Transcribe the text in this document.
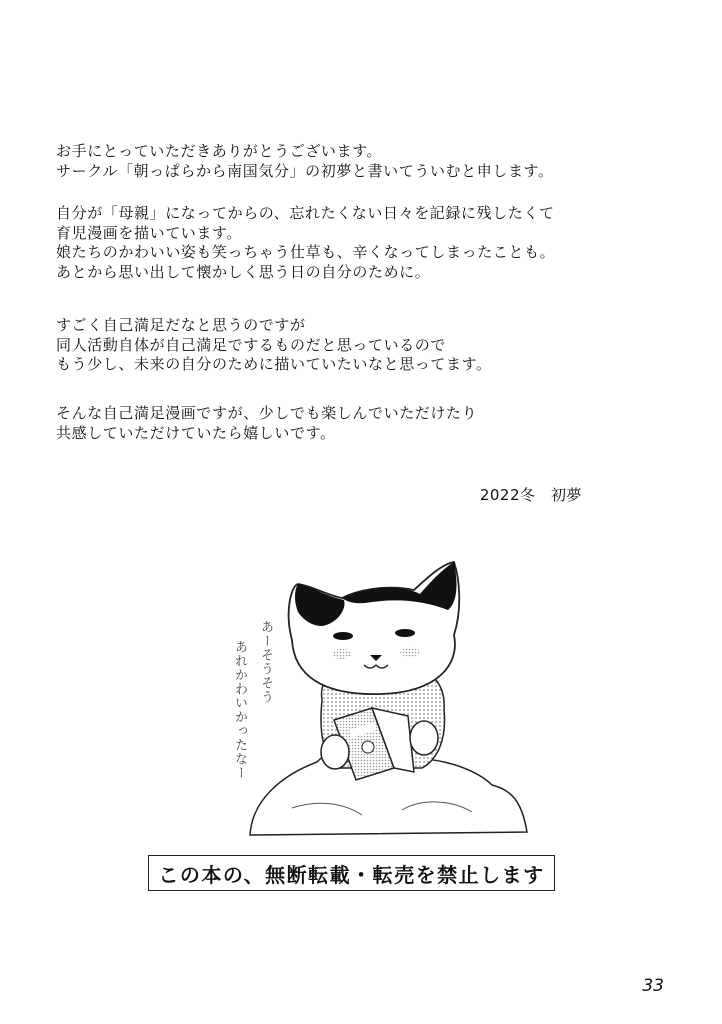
お手にとっていただきありがとうございます。
サークル「朝っぱらから南国気分」の初夢と書いてういむと申します。
自分が「母親」になってからの、忘れたくない日々を記録に残したくて
育児漫画を描いています。
娘たちのかわいい姿も笑っちゃう仕草も、辛くなってしまったことも。
あとから思い出して懐かしく思う日の自分のために。
すごく自己満足だなと思うのですが
同人活動自体が自己満足でするものだと思っているので
もう少し、未来の自分のために描いていたいなと思ってます。
そんな自己満足漫画ですが、少しでも楽しんでいただけたり
共感していただけていたら嬉しいです。
2022冬　初夢
あーそうそう
あれかわいかったなー
この本の、無断転載・転売を禁止します
33
